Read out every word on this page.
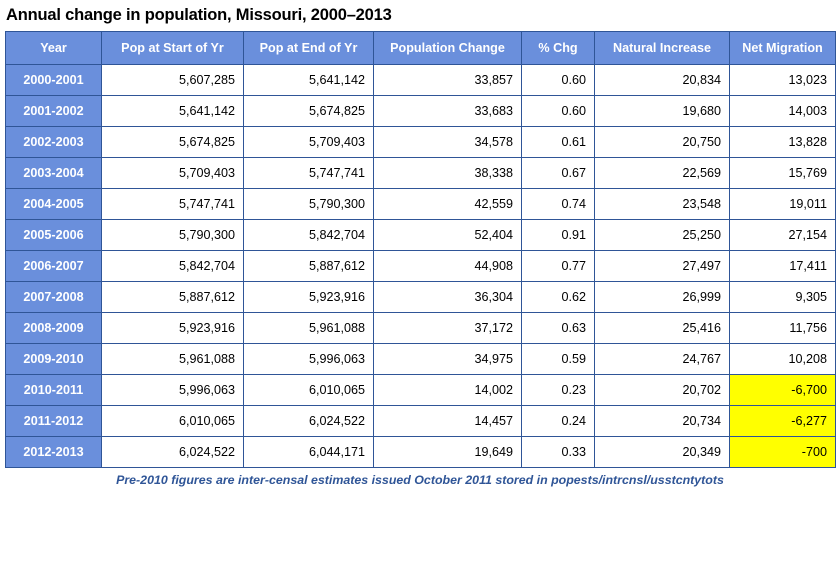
Annual change in population, Missouri, 2000–2013
Year	Pop at Start of Yr	Pop at End of Yr	Population Change	% Chg	Natural Increase	Net Migration
2000-2001	5,607,285	5,641,142	33,857	0.60	20,834	13,023
2001-2002	5,641,142	5,674,825	33,683	0.60	19,680	14,003
2002-2003	5,674,825	5,709,403	34,578	0.61	20,750	13,828
2003-2004	5,709,403	5,747,741	38,338	0.67	22,569	15,769
2004-2005	5,747,741	5,790,300	42,559	0.74	23,548	19,011
2005-2006	5,790,300	5,842,704	52,404	0.91	25,250	27,154
2006-2007	5,842,704	5,887,612	44,908	0.77	27,497	17,411
2007-2008	5,887,612	5,923,916	36,304	0.62	26,999	9,305
2008-2009	5,923,916	5,961,088	37,172	0.63	25,416	11,756
2009-2010	5,961,088	5,996,063	34,975	0.59	24,767	10,208
2010-2011	5,996,063	6,010,065	14,002	0.23	20,702	-6,700
2011-2012	6,010,065	6,024,522	14,457	0.24	20,734	-6,277
2012-2013	6,024,522	6,044,171	19,649	0.33	20,349	-700
Pre-2010 figures are inter-censal estimates issued October 2011 stored in popests/intrcnsl/usstcntytots
